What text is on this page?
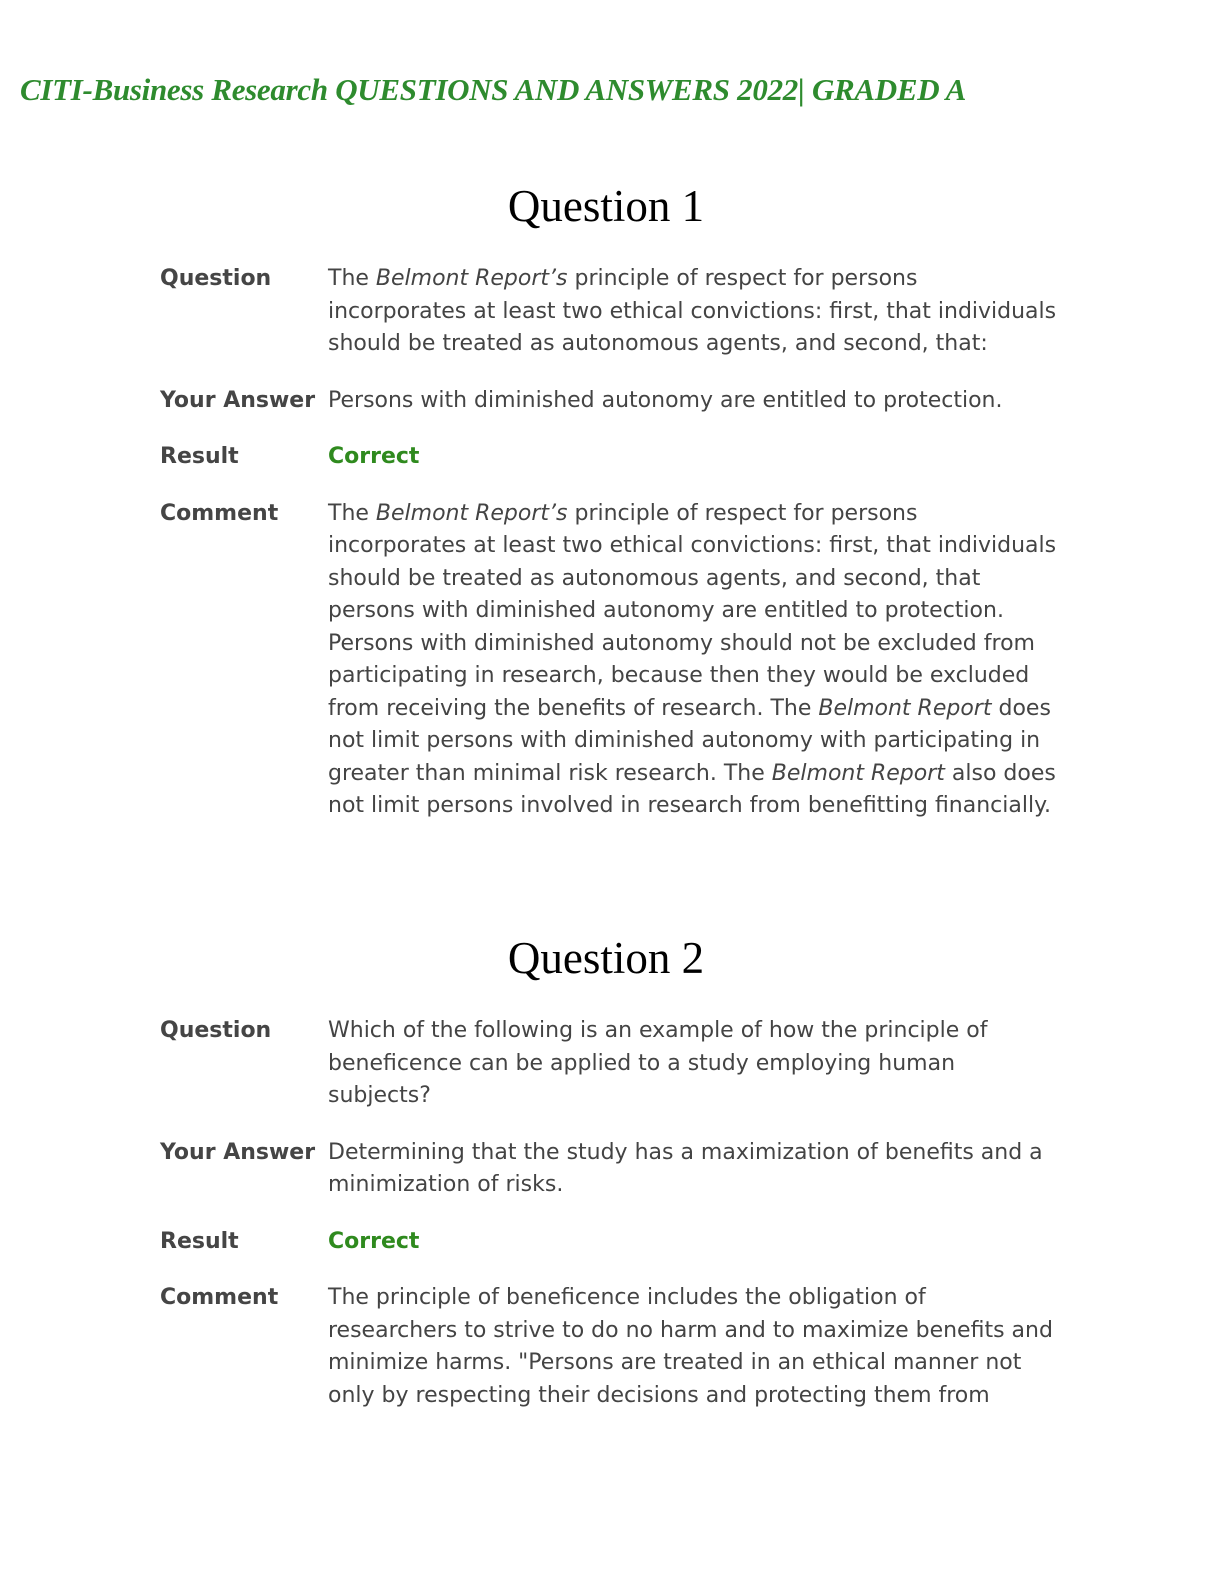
CITI-Business Research QUESTIONS AND ANSWERS 2022| GRADED A
Question 1
Question	The Belmont Report’s principle of respect for persons incorporates at least two ethical convictions: first, that individuals should be treated as autonomous agents, and second, that:
Your Answer Persons with diminished autonomy are entitled to protection.
Result	Correct
Comment	The Belmont Report’s principle of respect for persons incorporates at least two ethical convictions: first, that individuals should be treated as autonomous agents, and second, that persons with diminished autonomy are entitled to protection. Persons with diminished autonomy should not be excluded from participating in research, because then they would be excluded from receiving the benefits of research. The Belmont Report does not limit persons with diminished autonomy with participating in greater than minimal risk research. The Belmont Report also does not limit persons involved in research from benefitting financially.
Question 2
Question	Which of the following is an example of how the principle of beneficence can be applied to a study employing human subjects?
Your Answer Determining that the study has a maximization of benefits and a minimization of risks.
Result	Correct
Comment	The principle of beneficence includes the obligation of researchers to strive to do no harm and to maximize benefits and minimize harms. "Persons are treated in an ethical manner not only by respecting their decisions and protecting them from
